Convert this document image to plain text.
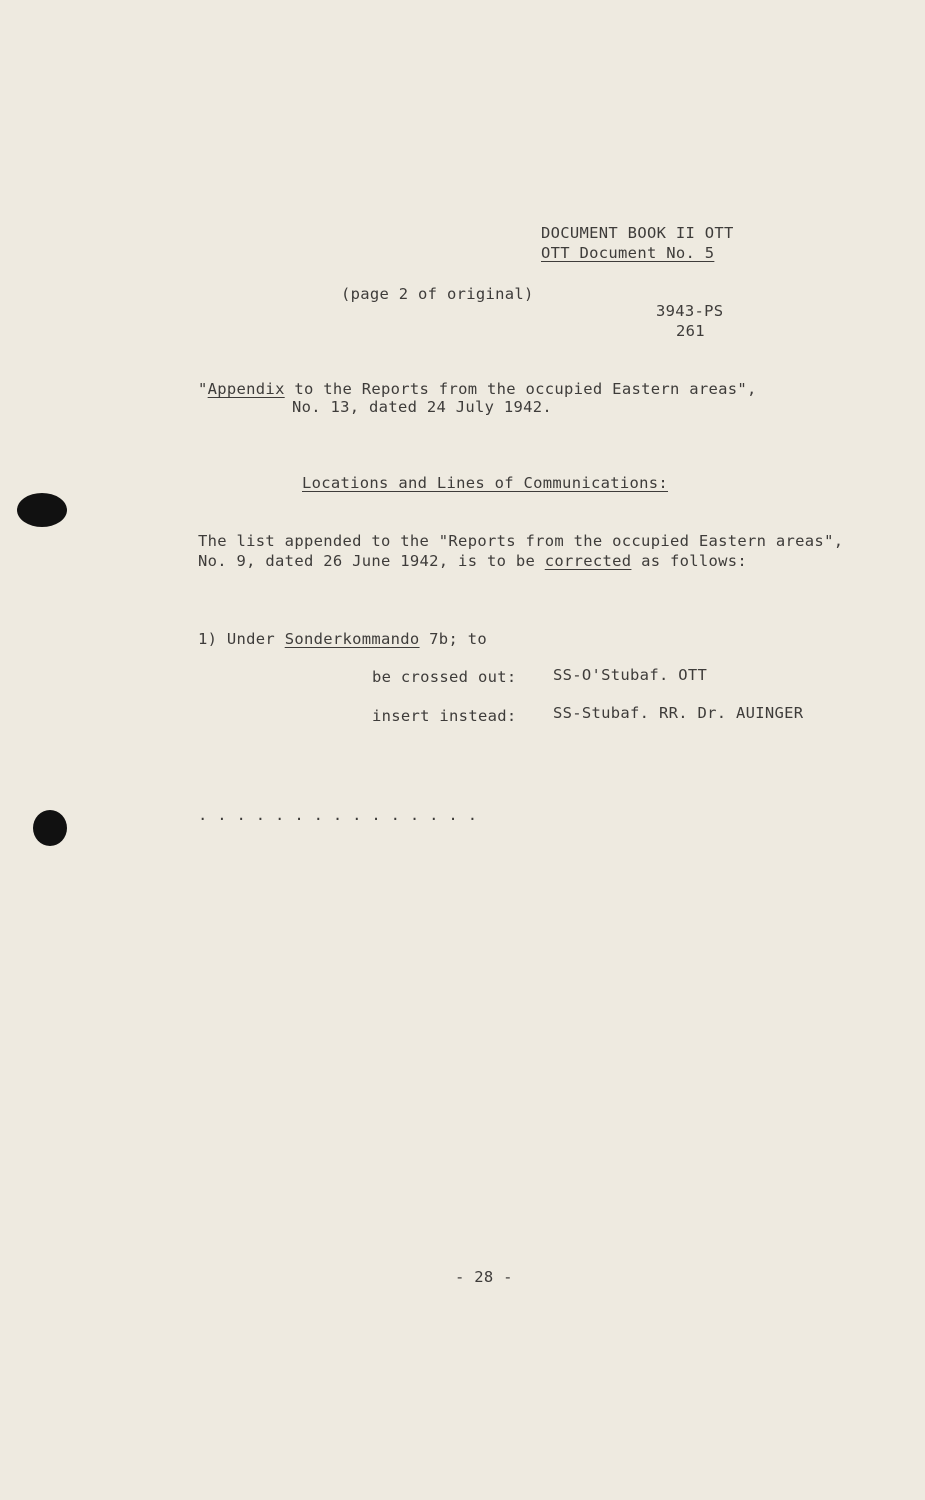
DOCUMENT BOOK II OTT
OTT Document No. 5
(page 2 of original)
3943-PS
261
"Appendix to the Reports from the occupied Eastern areas",
No. 13, dated 24 July 1942.
Locations and Lines of Communications:
The list appended to the "Reports from the occupied Eastern areas",
No. 9, dated 26 June 1942, is to be corrected as follows:
1) Under Sonderkommando 7b; to
be crossed out: SS-O'Stubaf. OTT
insert instead: SS-Stubaf. RR. Dr. AUINGER
. . . . . . . . . . . . . . .
- 28 -
